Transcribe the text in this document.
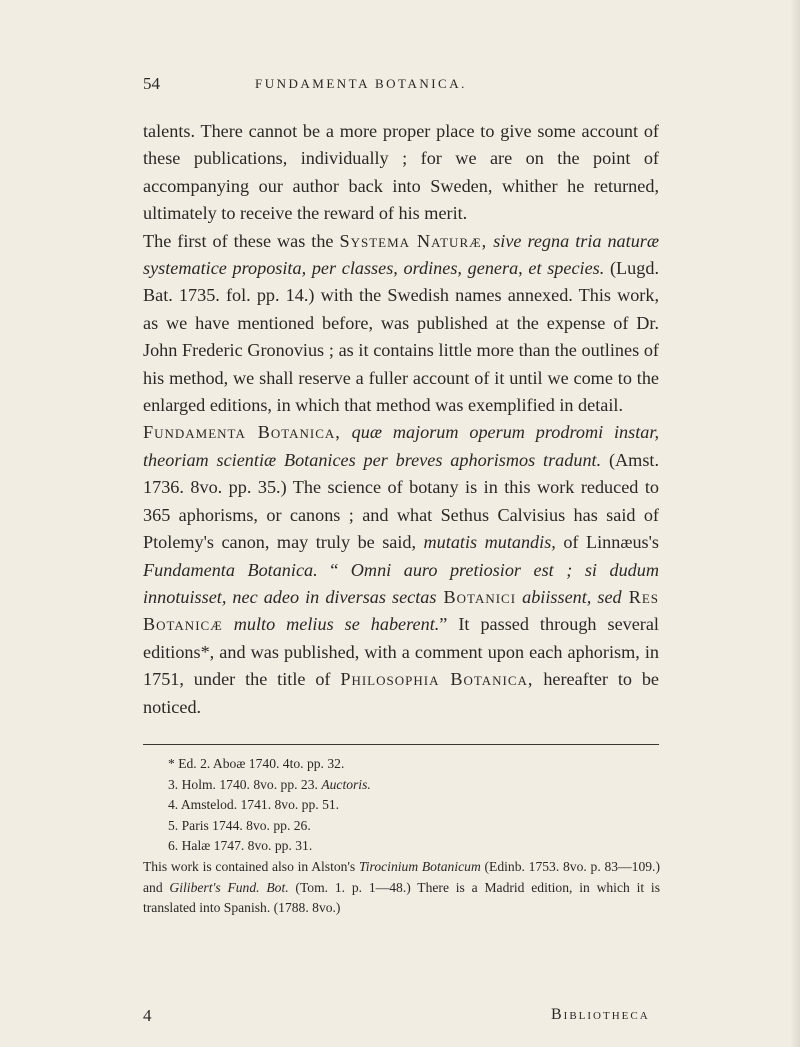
54	FUNDAMENTA BOTANICA.

talents. There cannot be a more proper place to give some account of these publications, individually ; for we are on the point of accompanying our author back into Sweden, whither he returned, ultimately to receive the reward of his merit.

The first of these was the Systema Naturæ, sive regna tria naturæ systematice proposita, per classes, ordines, genera, et species. (Lugd. Bat. 1735. fol. pp. 14.) with the Swedish names annexed. This work, as we have mentioned before, was published at the expense of Dr. John Frederic Gronovius ; as it contains little more than the outlines of his method, we shall reserve a fuller account of it until we come to the enlarged editions, in which that method was exemplified in detail.

Fundamenta Botanica, quæ majorum operum prodromi instar, theoriam scientiæ Botanices per breves aphorismos tradunt. (Amst. 1736. 8vo. pp. 35.) The science of botany is in this work reduced to 365 aphorisms, or canons ; and what Sethus Calvisius has said of Ptolemy's canon, may truly be said, mutatis mutandis, of Linnæus's Fundamenta Botanica. “ Omni auro pretiosior est ; si dudum innotuisset, nec adeo in diversas sectas Botanici abiissent, sed Res Botanicæ multo melius se haberent.” It passed through several editions*, and was published, with a comment upon each aphorism, in 1751, under the title of Philosophia Botanica, hereafter to be noticed.

* Ed. 2. Aboæ 1740. 4to. pp. 32.

3. Holm. 1740. 8vo. pp. 23. Auctoris.

4. Amstelod. 1741. 8vo. pp. 51.

5. Paris 1744. 8vo. pp. 26.

6. Halæ 1747. 8vo. pp. 31.

This work is contained also in Alston's Tirocinium Botanicum (Edinb. 1753. 8vo. p. 83—109.) and Gilibert's Fund. Bot. (Tom. 1. p. 1—48.) There is a Madrid edition, in which it is translated into Spanish. (1788. 8vo.)

4	Bibliotheca
